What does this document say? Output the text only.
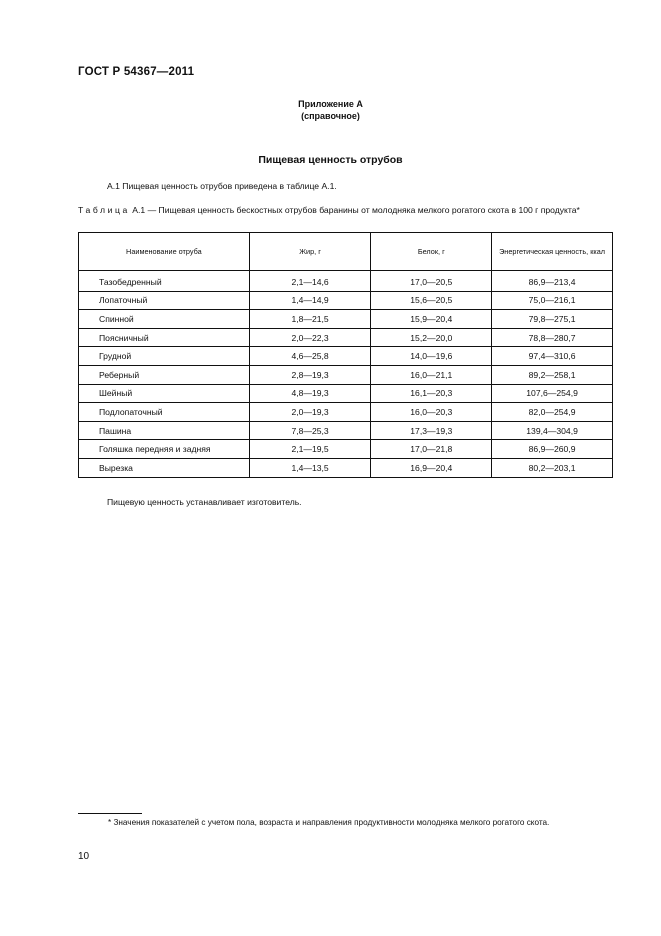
ГОСТ Р 54367—2011
Приложение А
(справочное)
Пищевая ценность отрубов
А.1 Пищевая ценность отрубов приведена в таблице А.1.
Таблица А.1 — Пищевая ценность бескостных отрубов баранины от молодняка мелкого рогатого скота в 100 г продукта*
Наименование отруба	Жир, г	Белок, г	Энергетическая ценность, ккал
Тазобедренный	2,1—14,6	17,0—20,5	86,9—213,4
Лопаточный	1,4—14,9	15,6—20,5	75,0—216,1
Спинной	1,8—21,5	15,9—20,4	79,8—275,1
Поясничный	2,0—22,3	15,2—20,0	78,8—280,7
Грудной	4,6—25,8	14,0—19,6	97,4—310,6
Реберный	2,8—19,3	16,0—21,1	89,2—258,1
Шейный	4,8—19,3	16,1—20,3	107,6—254,9
Подлопаточный	2,0—19,3	16,0—20,3	82,0—254,9
Пашина	7,8—25,3	17,3—19,3	139,4—304,9
Голяшка передняя и задняя	2,1—19,5	17,0—21,8	86,9—260,9
Вырезка	1,4—13,5	16,9—20,4	80,2—203,1
Пищевую ценность устанавливает изготовитель.
* Значения показателей с учетом пола, возраста и направления продуктивности молодняка мелкого рогатого скота.
10
